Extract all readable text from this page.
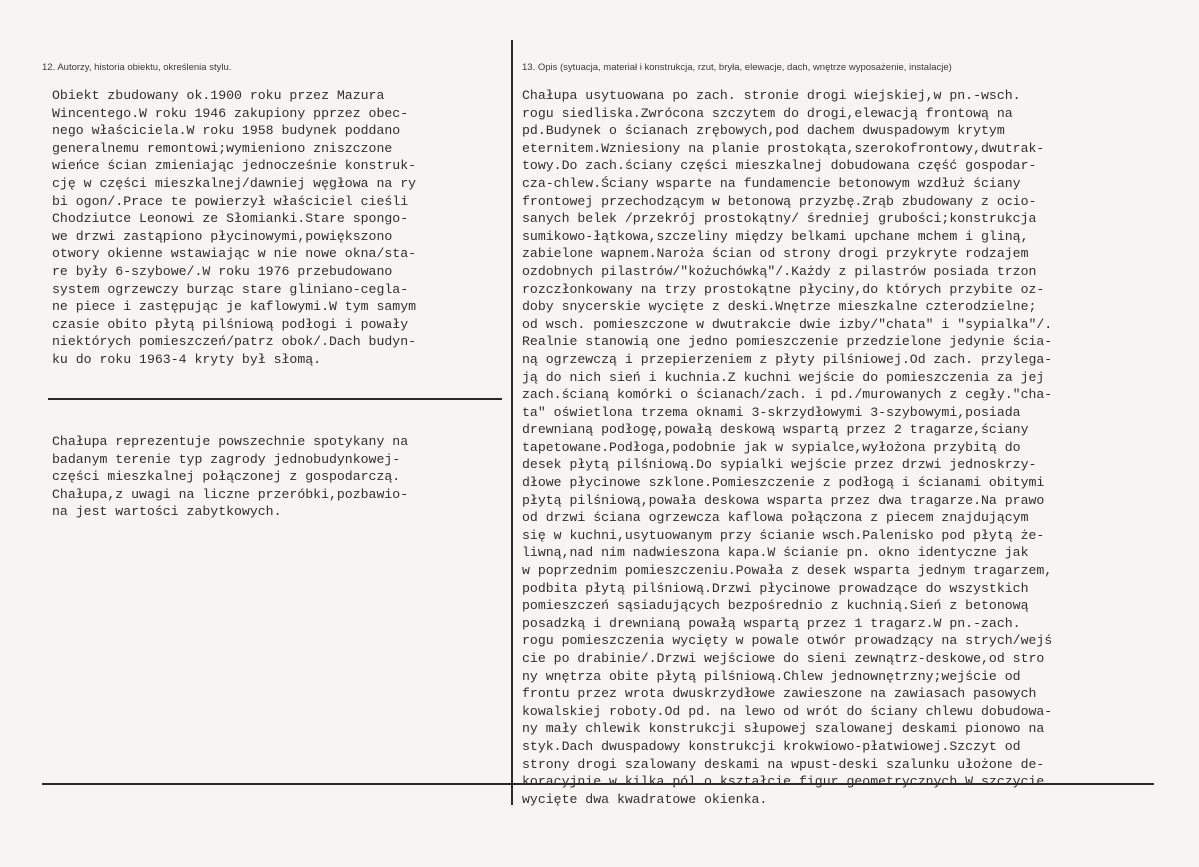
12. Autorzy, historia obiektu, określenia stylu.	13. Opis (sytuacja, materiał i konstrukcja, rzut, bryła, elewacje, dach, wnętrze wyposażenie, instalacje)
Obiekt zbudowany ok.1900 roku przez Mazura
Wincentego.W roku 1946 zakupiony pprzez obec-
nego właściciela.W roku 1958 budynek poddano
generalnemu remontowi;wymieniono zniszczone
wieńce ścian zmieniając jednocześnie konstruk-
cję w części mieszkalnej/dawniej węgłowa na ry
bi ogon/.Prace te powierzył właściciel cieśli
Chodziutce Leonowi ze Słomianki.Stare spongo-
we drzwi zastąpiono płycinowymi,powiększono
otwory okienne wstawiając w nie nowe okna/sta-
re były 6-szybowe/.W roku 1976 przebudowano
system ogrzewczy burząc stare gliniano-cegla-
ne piece i zastępując je kaflowymi.W tym samym
czasie obito płytą pilśniową podłogi i powały
niektórych pomieszczeń/patrz obok/.Dach budyn-
ku do roku 1963-4 kryty był słomą.
Chałupa reprezentuje powszechnie spotykany na
badanym terenie typ zagrody jednobudynkowej-
części mieszkalnej połączonej z gospodarczą.
Chałupa,z uwagi na liczne przeróbki,pozbawio-
na jest wartości zabytkowych.
Chałupa usytuowana po zach. stronie drogi wiejskiej,w pn.-wsch.
rogu siedliska.Zwrócona szczytem do drogi,elewacją frontową na
pd.Budynek o ścianach zrębowych,pod dachem dwuspadowym krytym
eternitem.Wzniesiony na planie prostokąta,szerokofrontowy,dwutrak-
towy.Do zach.ściany części mieszkalnej dobudowana część gospodar-
cza-chlew.Ściany wsparte na fundamencie betonowym wzdłuż ściany
frontowej przechodzącym w betonową przyzbę.Zrąb zbudowany z ocio-
sanych belek /przekrój prostokątny/ średniej grubości;konstrukcja
sumikowo-łątkowa,szczeliny między belkami upchane mchem i gliną,
zabielone wapnem.Naroża ścian od strony drogi przykryte rodzajem
ozdobnych pilastrów/"kożuchówką"/.Każdy z pilastrów posiada trzon
rozczłonkowany na trzy prostokątne płyciny,do których przybite oz-
doby snycerskie wycięte z deski.Wnętrze mieszkalne czterodzielne;
od wsch. pomieszczone w dwutrakcie dwie izby/"chata" i "sypialka"/.
Realnie stanowią one jedno pomieszczenie przedzielone jedynie ścia-
ną ogrzewczą i przepierzeniem z płyty pilśniowej.Od zach. przylega-
ją do nich sień i kuchnia.Z kuchni wejście do pomieszczenia za jej
zach.ścianą komórki o ścianach/zach. i pd./murowanych z cegły."cha-
ta" oświetlona trzema oknami 3-skrzydłowymi 3-szybowymi,posiada
drewnianą podłogę,powałą deskową wspartą przez 2 tragarze,ściany
tapetowane.Podłoga,podobnie jak w sypialce,wyłożona przybitą do
desek płytą pilśniową.Do sypialki wejście przez drzwi jednoskrzy-
dłowe płycinowe szklone.Pomieszczenie z podłogą i ścianami obitymi
płytą pilśniową,powała deskowa wsparta przez dwa tragarze.Na prawo
od drzwi ściana ogrzewcza kaflowa połączona z piecem znajdującym
się w kuchni,usytuowanym przy ścianie wsch.Palenisko pod płytą że-
liwną,nad nim nadwieszona kapa.W ścianie pn. okno identyczne jak
w poprzednim pomieszczeniu.Powała z desek wsparta jednym tragarzem,
podbita płytą pilśniową.Drzwi płycinowe prowadzące do wszystkich
pomieszczeń sąsiadujących bezpośrednio z kuchnią.Sień z betonową
posadzką i drewnianą powałą wspartą przez 1 tragarz.W pn.-zach.
rogu pomieszczenia wycięty w powale otwór prowadzący na strych/wejś
cie po drabinie/.Drzwi wejściowe do sieni zewnątrz-deskowe,od stro
ny wnętrza obite płytą pilśniową.Chlew jednownętrzny;wejście od
frontu przez wrota dwuskrzydłowe zawieszone na zawiasach pasowych
kowalskiej roboty.Od pd. na lewo od wrót do ściany chlewu dobudowa-
ny mały chlewik konstrukcji słupowej szalowanej deskami pionowo na
styk.Dach dwuspadowy konstrukcji krokwiowo-płatwiowej.Szczyt od
strony drogi szalowany deskami na wpust-deski szalunku ułożone de-
koracyjnie w kilka pól o kształcie figur geometrycznych.W szczycie
wycięte dwa kwadratowe okienka.
